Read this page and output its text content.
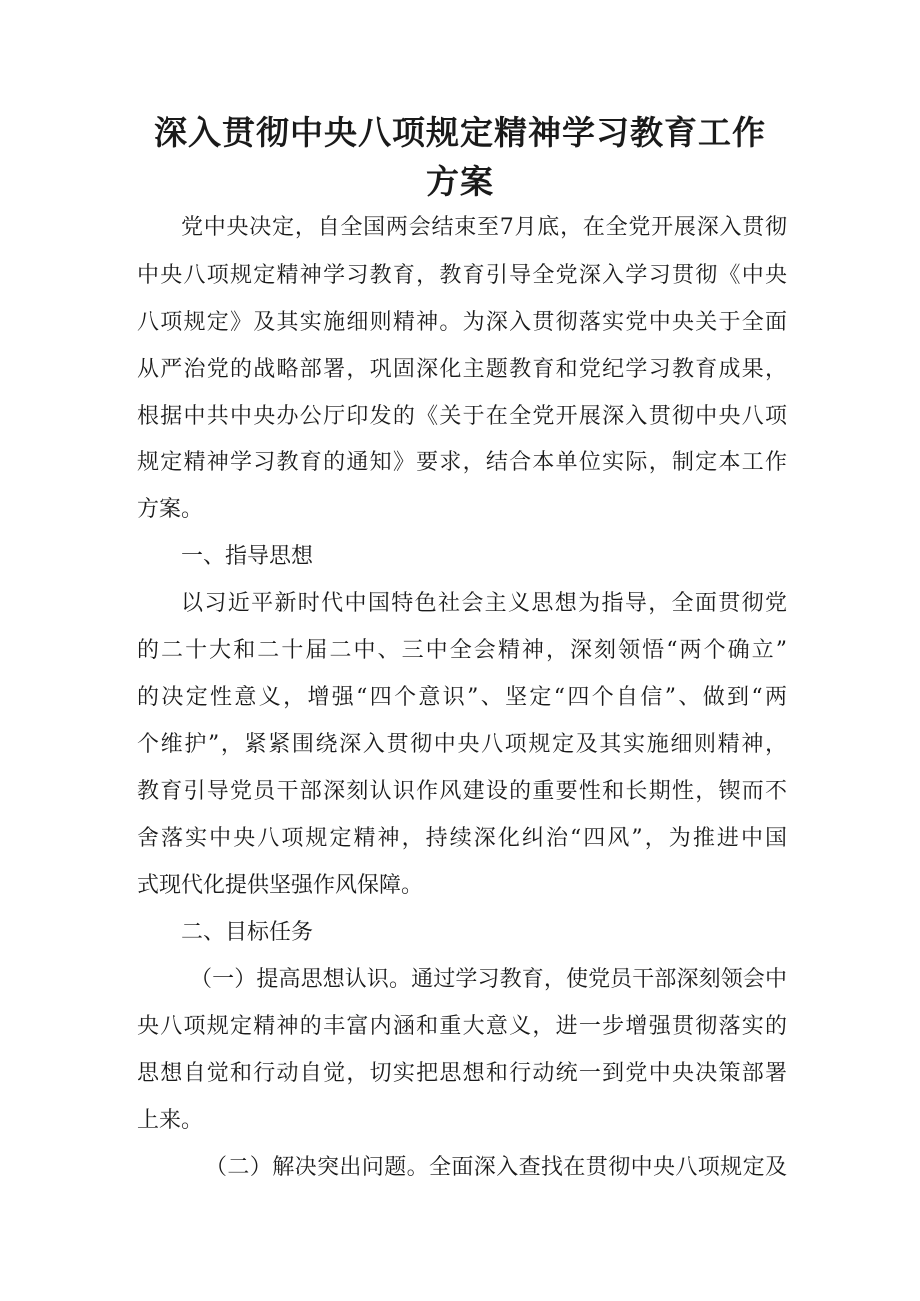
深入贯彻中央八项规定精神学习教育工作
方案

党中央决定，自全国两会结束至7月底，在全党开展深入贯彻

中央八项规定精神学习教育，教育引导全党深入学习贯彻《中央

八项规定》及其实施细则精神。为深入贯彻落实党中央关于全面

从严治党的战略部署，巩固深化主题教育和党纪学习教育成果，

根据中共中央办公厅印发的《关于在全党开展深入贯彻中央八项

规定精神学习教育的通知》要求，结合本单位实际，制定本工作

方案。

一、指导思想

以习近平新时代中国特色社会主义思想为指导，全面贯彻党

的二十大和二十届二中、三中全会精神，深刻领悟“两个确立”

的决定性意义，增强“四个意识”、坚定“四个自信”、做到“两

个维护”，紧紧围绕深入贯彻中央八项规定及其实施细则精神，

教育引导党员干部深刻认识作风建设的重要性和长期性，锲而不

舍落实中央八项规定精神，持续深化纠治“四风”，为推进中国

式现代化提供坚强作风保障。

二、目标任务

（一）提高思想认识。通过学习教育，使党员干部深刻领会中

央八项规定精神的丰富内涵和重大意义，进一步增强贯彻落实的

思想自觉和行动自觉，切实把思想和行动统一到党中央决策部署

上来。

（二）解决突出问题。全面深入查找在贯彻中央八项规定及
